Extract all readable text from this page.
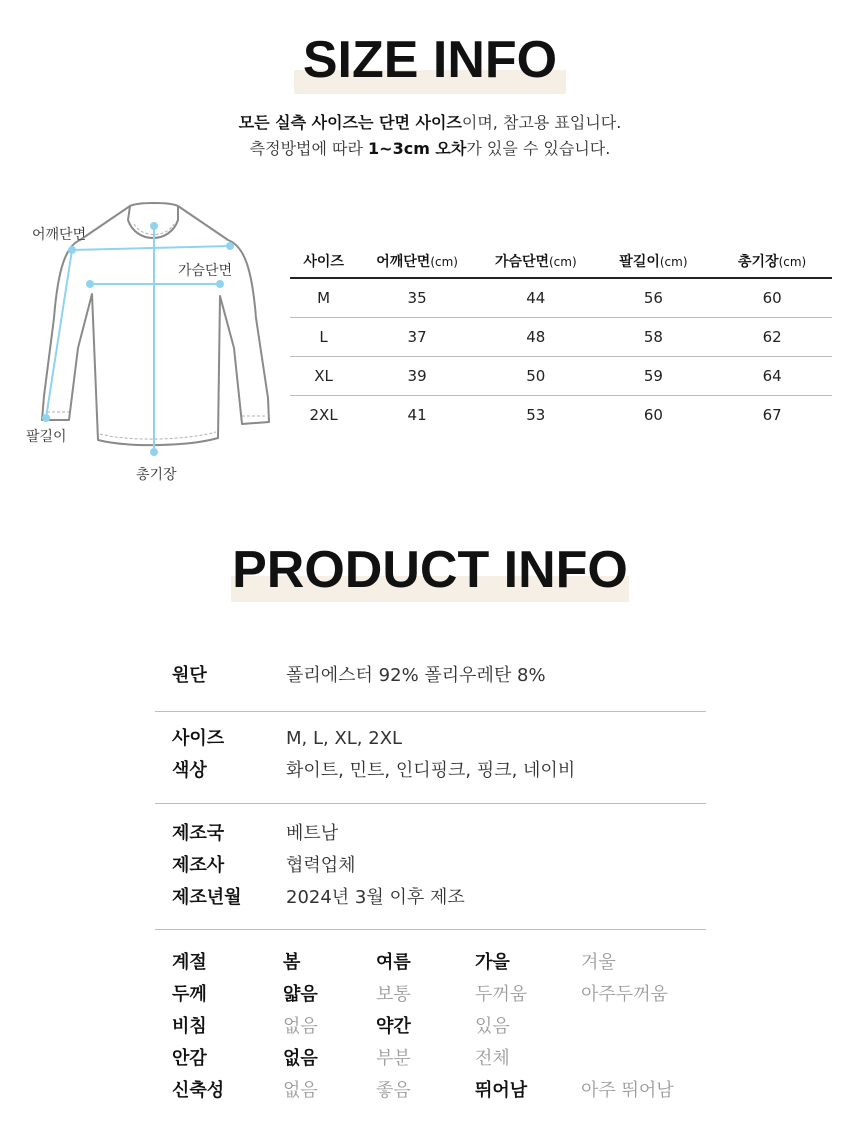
SIZE INFO
모든 실측 사이즈는 단면 사이즈이며, 참고용 표입니다.
측정방법에 따라 1~3cm 오차가 있을 수 있습니다.
어깨단면
가슴단면
팔길이
총기장
사이즈	어깨단면(cm)	가슴단면(cm)	팔길이(cm)	총기장(cm)
M	35	44	56	60
L	37	48	58	62
XL	39	50	59	64
2XL	41	53	60	67
PRODUCT INFO
원단	폴리에스터 92% 폴리우레탄 8%
사이즈	M, L, XL, 2XL
색상	화이트, 민트, 인디핑크, 핑크, 네이비
제조국	베트남
제조사	협력업체
제조년월 2024년 3월 이후 제조
계절	봄	여름	가을	겨울
두께	얇음	보통	두꺼움	아주두꺼움
비침	없음	약간	있음
안감	없음	부분	전체
신축성	없음	좋음	뛰어남	아주 뛰어남
